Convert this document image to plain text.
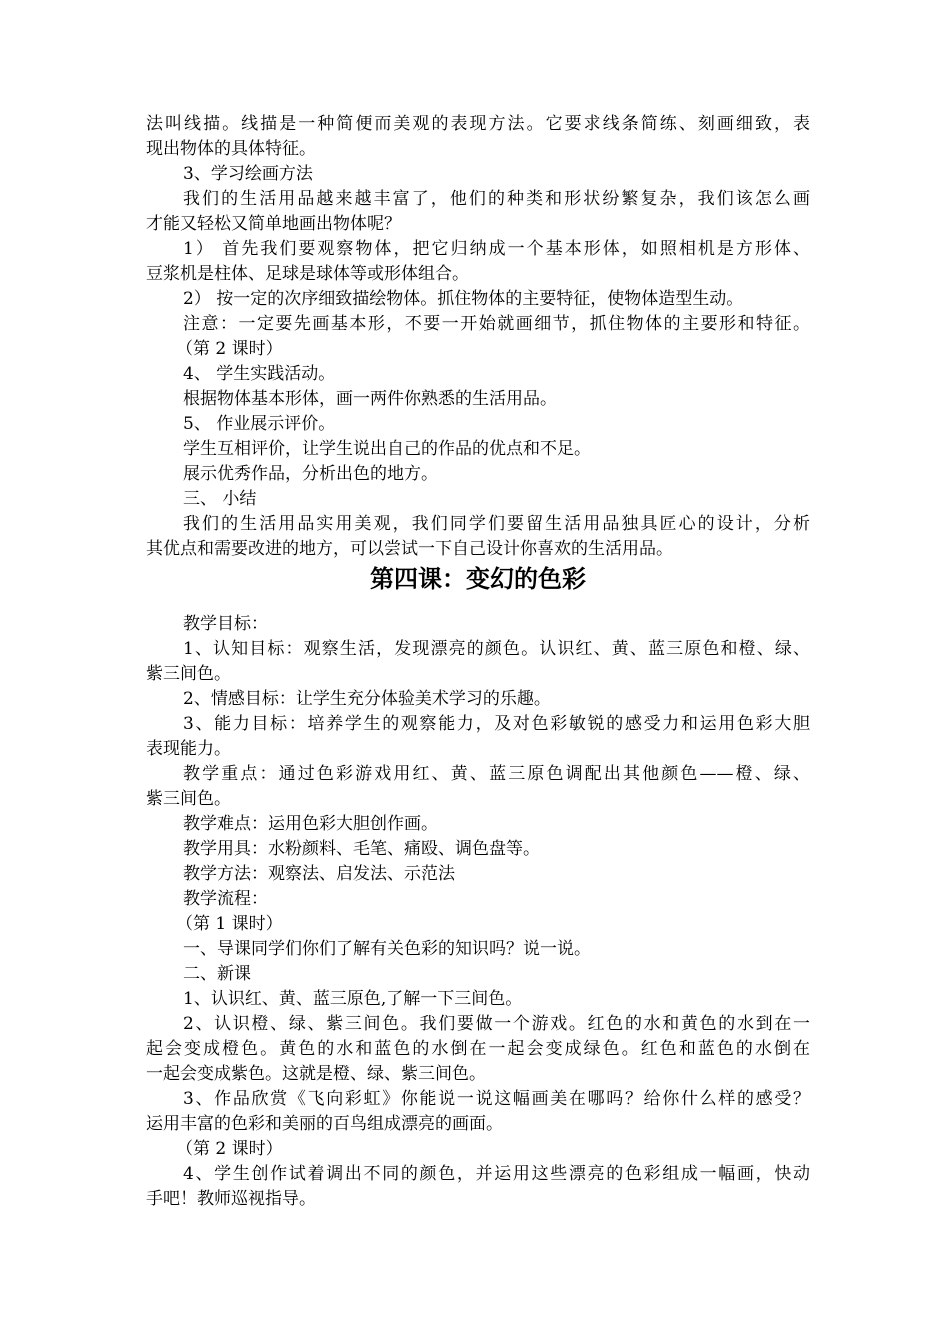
法叫线描。线描是一种简便而美观的表现方法。它要求线条简练、刻画细致，表
现出物体的具体特征。
3、学习绘画方法
我们的生活用品越来越丰富了，他们的种类和形状纷繁复杂，我们该怎么画
才能又轻松又简单地画出物体呢？
1） 首先我们要观察物体，把它归纳成一个基本形体，如照相机是方形体、
豆浆机是柱体、足球是球体等或形体组合。
2） 按一定的次序细致描绘物体。抓住物体的主要特征，使物体造型生动。
注意：一定要先画基本形，不要一开始就画细节，抓住物体的主要形和特征。
（第 2 课时）
4、 学生实践活动。
根据物体基本形体，画一两件你熟悉的生活用品。
5、 作业展示评价。
学生互相评价，让学生说出自己的作品的优点和不足。
展示优秀作品，分析出色的地方。
三、 小结
我们的生活用品实用美观，我们同学们要留生活用品独具匠心的设计，分析
其优点和需要改进的地方，可以尝试一下自己设计你喜欢的生活用品。
第四课：变幻的色彩
教学目标：
1、认知目标：观察生活，发现漂亮的颜色。认识红、黄、蓝三原色和橙、绿、
紫三间色。
2、情感目标：让学生充分体验美术学习的乐趣。
3、能力目标：培养学生的观察能力，及对色彩敏锐的感受力和运用色彩大胆
表现能力。
教学重点：通过色彩游戏用红、黄、蓝三原色调配出其他颜色——橙、绿、
紫三间色。
教学难点：运用色彩大胆创作画。
教学用具：水粉颜料、毛笔、痛殴、调色盘等。
教学方法：观察法、启发法、示范法
教学流程：
（第 1 课时）
一、导课同学们你们了解有关色彩的知识吗？说一说。
二、新课
1、认识红、黄、蓝三原色,了解一下三间色。
2、认识橙、绿、紫三间色。我们要做一个游戏。红色的水和黄色的水到在一
起会变成橙色。黄色的水和蓝色的水倒在一起会变成绿色。红色和蓝色的水倒在
一起会变成紫色。这就是橙、绿、紫三间色。
3、作品欣赏《飞向彩虹》你能说一说这幅画美在哪吗？给你什么样的感受？
运用丰富的色彩和美丽的百鸟组成漂亮的画面。
（第 2 课时）
4、学生创作试着调出不同的颜色，并运用这些漂亮的色彩组成一幅画，快动
手吧！教师巡视指导。
